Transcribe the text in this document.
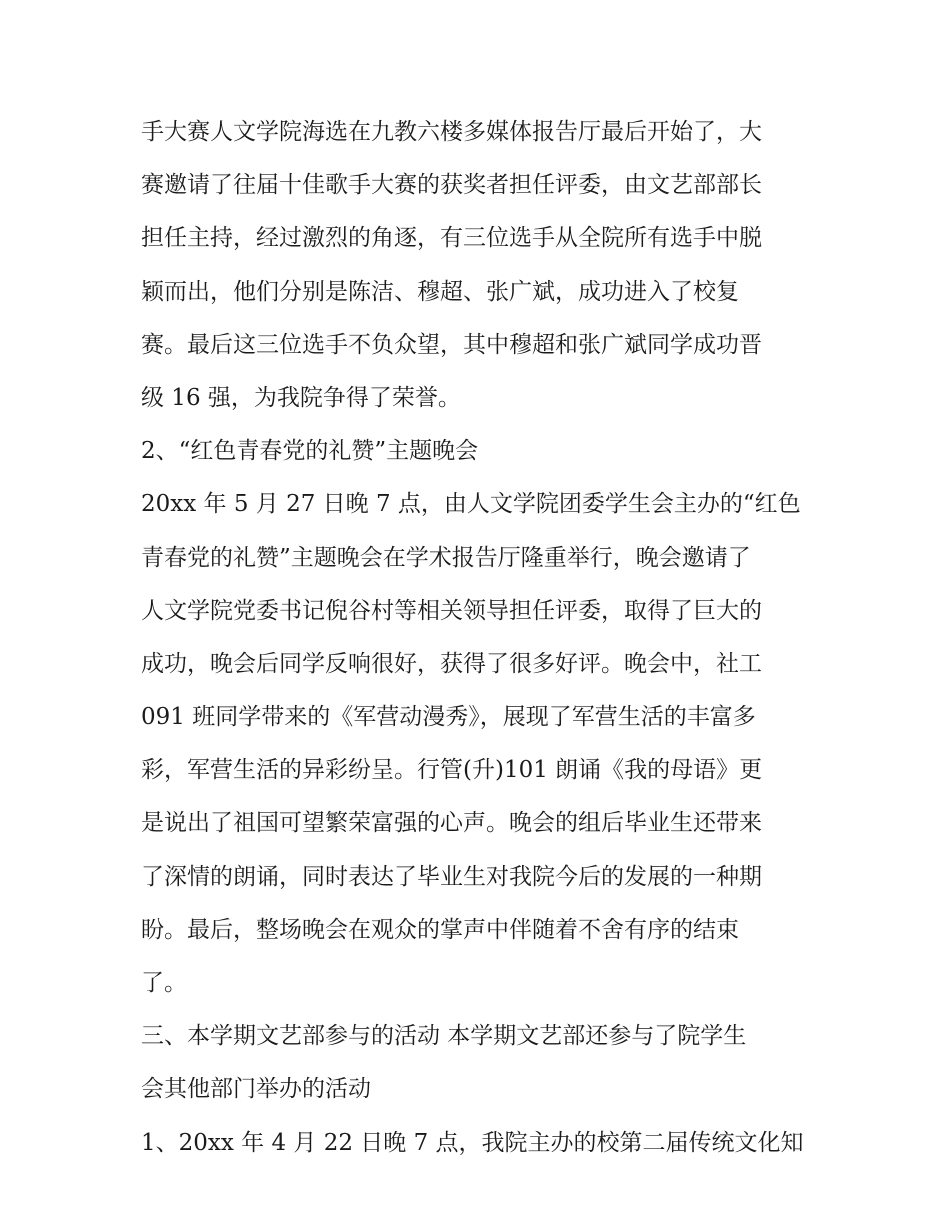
手大赛人文学院海选在九教六楼多媒体报告厅最后开始了，大
赛邀请了往届十佳歌手大赛的获奖者担任评委，由文艺部部长
担任主持，经过激烈的角逐，有三位选手从全院所有选手中脱
颖而出，他们分别是陈洁、穆超、张广斌，成功进入了校复
赛。最后这三位选手不负众望，其中穆超和张广斌同学成功晋
级 16 强，为我院争得了荣誉。
2、“红色青春党的礼赞”主题晚会
20xx 年 5 月 27 日晚 7 点，由人文学院团委学生会主办的“红色
青春党的礼赞”主题晚会在学术报告厅隆重举行，晚会邀请了
人文学院党委书记倪谷村等相关领导担任评委，取得了巨大的
成功，晚会后同学反响很好，获得了很多好评。晚会中，社工
091 班同学带来的《军营动漫秀》，展现了军营生活的丰富多
彩，军营生活的异彩纷呈。行管(升)101 朗诵《我的母语》更
是说出了祖国可望繁荣富强的心声。晚会的组后毕业生还带来
了深情的朗诵，同时表达了毕业生对我院今后的发展的一种期
盼。最后，整场晚会在观众的掌声中伴随着不舍有序的结束
了。
三、本学期文艺部参与的活动 本学期文艺部还参与了院学生
会其他部门举办的活动
1、20xx 年 4 月 22 日晚 7 点，我院主办的校第二届传统文化知
